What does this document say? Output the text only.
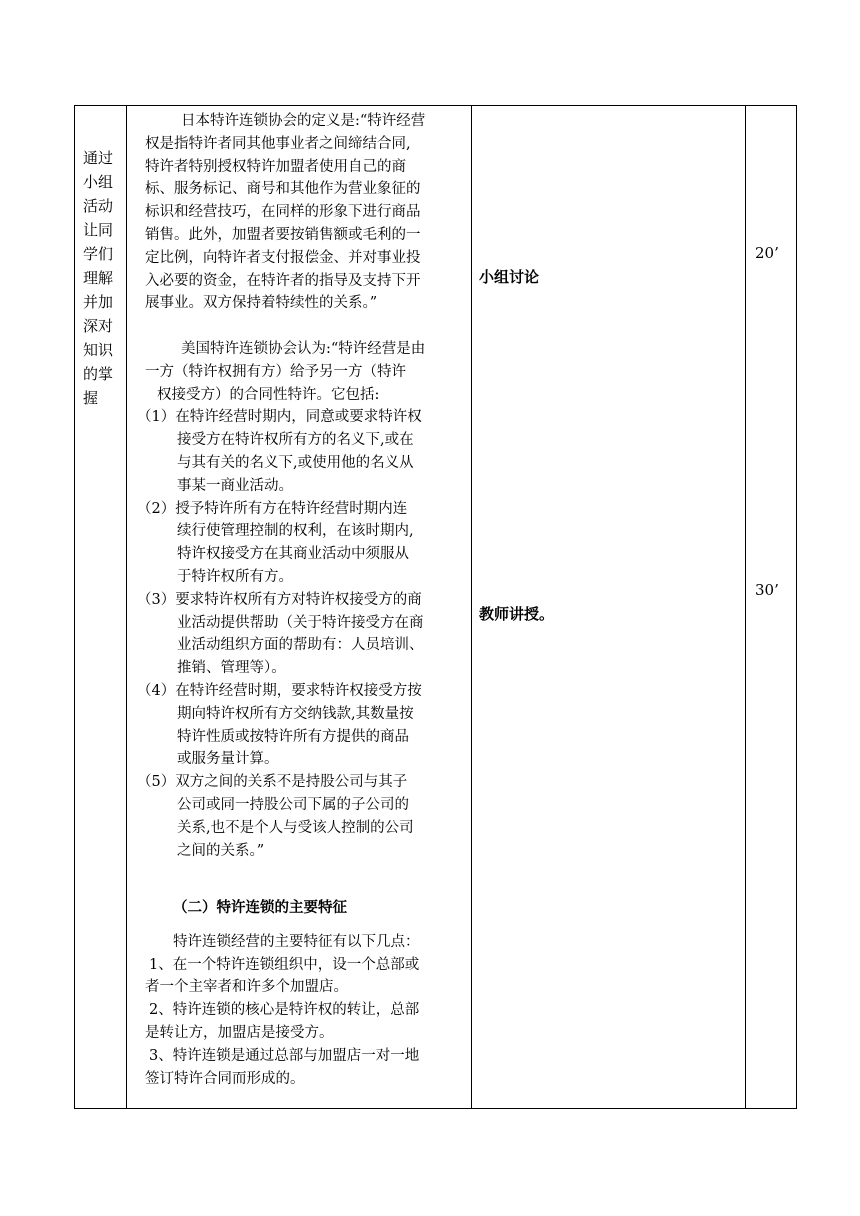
通过
小组
活动
让同
学们
理解
并加
深对
知识
的掌
握
日本特许连锁协会的定义是:“特许经营
权是指特许者同其他事业者之间缔结合同,
特许者特别授权特许加盟者使用自己的商
标、服务标记、商号和其他作为营业象征的
标识和经营技巧，在同样的形象下进行商品
销售。此外，加盟者要按销售额或毛利的一
定比例，向特许者支付报偿金、并对事业投
入必要的资金，在特许者的指导及支持下开
展事业。双方保持着特续性的关系。”
美国特许连锁协会认为:“特许经营是由
一方（特许权拥有方）给予另一方（特许
权接受方）的合同性特许。它包括:
（1）在特许经营时期内，同意或要求特许权
接受方在特许权所有方的名义下,或在
与其有关的名义下,或使用他的名义从
事某一商业活动。
（2）授予特许所有方在特许经营时期内连
续行使管理控制的权利，在该时期内,
特许权接受方在其商业活动中须服从
于特许权所有方。
（3）要求特许权所有方对特许权接受方的商
业活动提供帮助（关于特许接受方在商
业活动组织方面的帮助有：人员培训、
推销、管理等）。
（4）在特许经营时期，要求特许权接受方按
期向特许权所有方交纳钱款,其数量按
特许性质或按特许所有方提供的商品
或服务量计算。
（5）双方之间的关系不是持股公司与其子
公司或同一持股公司下属的子公司的
关系,也不是个人与受该人控制的公司
之间的关系。”
（二）特许连锁的主要特征
特许连锁经营的主要特征有以下几点：
1、在一个特许连锁组织中，设一个总部或
者一个主宰者和许多个加盟店。
2、特许连锁的核心是特许权的转让，总部
是转让方，加盟店是接受方。
3、特许连锁是通过总部与加盟店一对一地
签订特许合同而形成的。
小组讨论
教师讲授。
20’
30’
